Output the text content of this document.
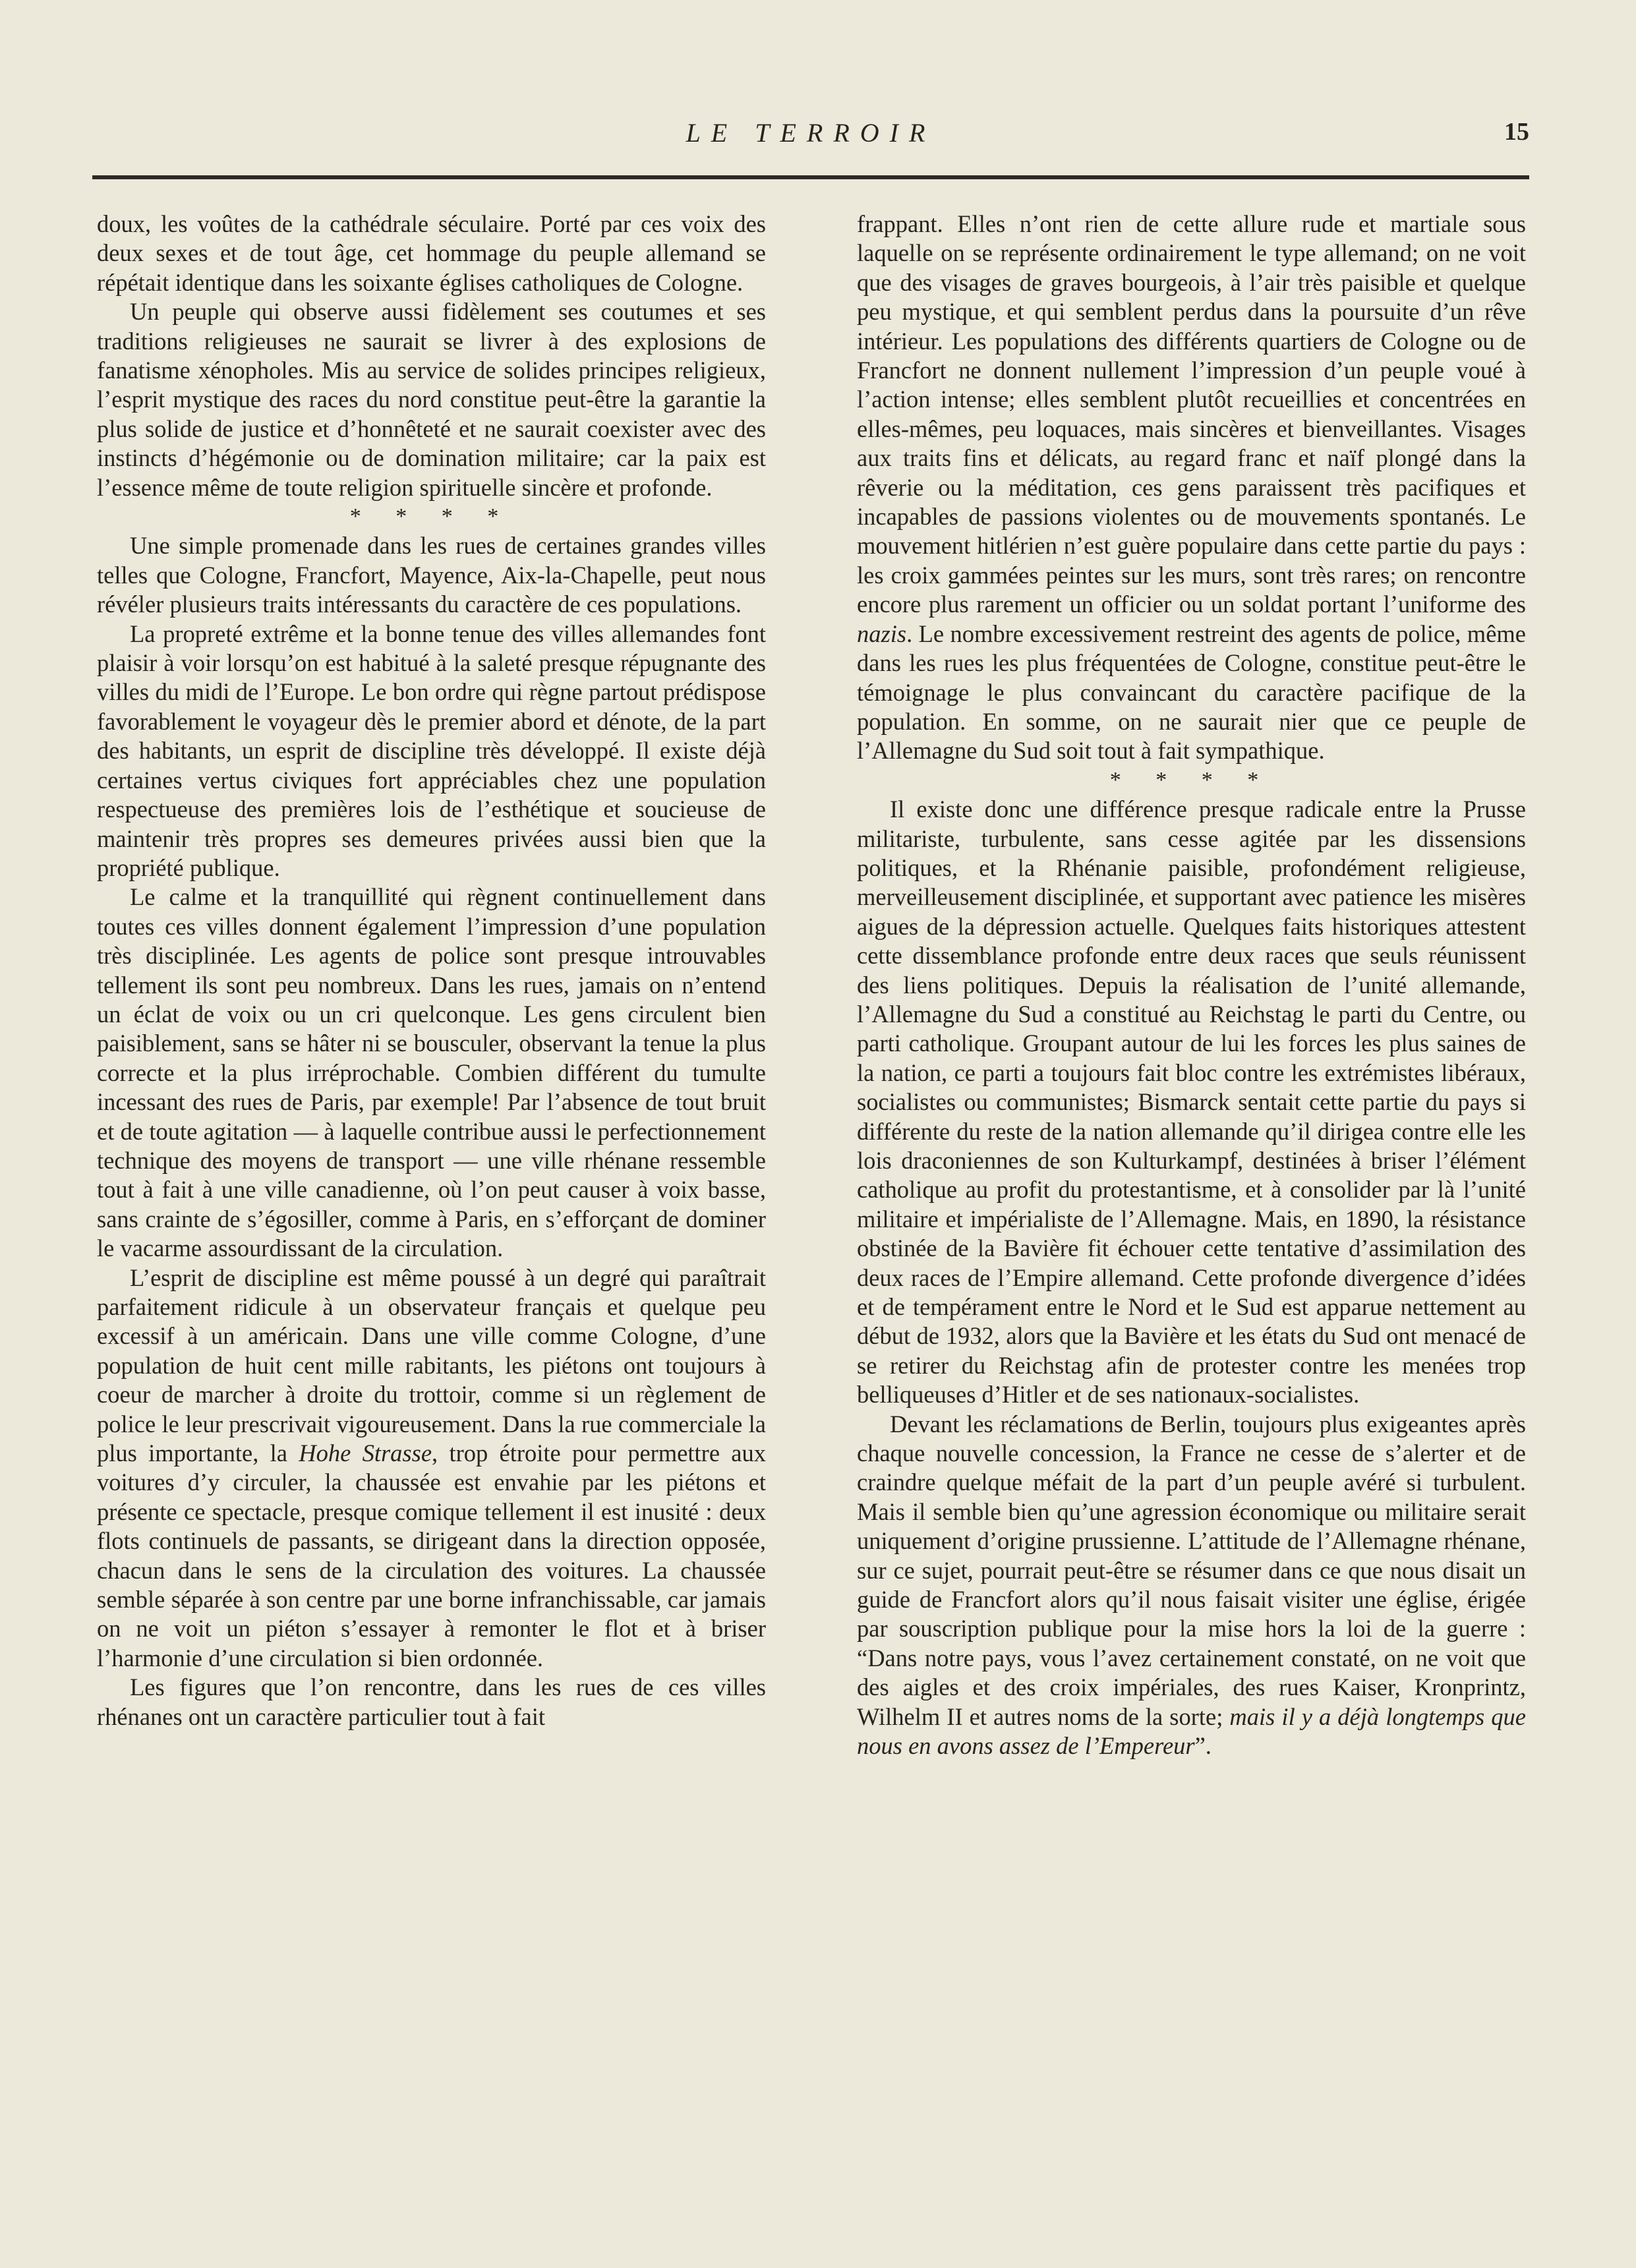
LE TERROIR	15

doux, les voûtes de la cathédrale séculaire. Porté par ces voix des deux sexes et de tout âge, cet hommage du peuple allemand se répétait identique dans les soixante églises catholiques de Cologne.

Un peuple qui observe aussi fidèlement ses coutumes et ses traditions religieuses ne saurait se livrer à des explosions de fanatisme xénopholes. Mis au service de solides principes religieux, l’esprit mystique des races du nord constitue peut-être la garantie la plus solide de justice et d’honnêteté et ne saurait coexister avec des instincts d’hégémonie ou de domination militaire; car la paix est l’essence même de toute religion spirituelle sincère et profonde.

* * * *

Une simple promenade dans les rues de certaines grandes villes telles que Cologne, Francfort, Mayence, Aix-la-Chapelle, peut nous révéler plusieurs traits intéressants du caractère de ces populations.

La propreté extrême et la bonne tenue des villes allemandes font plaisir à voir lorsqu’on est habitué à la saleté presque répugnante des villes du midi de l’Europe. Le bon ordre qui règne partout prédispose favorablement le voyageur dès le premier abord et dénote, de la part des habitants, un esprit de discipline très développé. Il existe déjà certaines vertus civiques fort appréciables chez une population respectueuse des premières lois de l’esthétique et soucieuse de maintenir très propres ses demeures privées aussi bien que la propriété publique.

Le calme et la tranquillité qui règnent continuellement dans toutes ces villes donnent également l’impression d’une population très disciplinée. Les agents de police sont presque introuvables tellement ils sont peu nombreux. Dans les rues, jamais on n’entend un éclat de voix ou un cri quelconque. Les gens circulent bien paisiblement, sans se hâter ni se bousculer, observant la tenue la plus correcte et la plus irréprochable. Combien différent du tumulte incessant des rues de Paris, par exemple! Par l’absence de tout bruit et de toute agitation — à laquelle contribue aussi le perfectionnement technique des moyens de transport — une ville rhénane ressemble tout à fait à une ville canadienne, où l’on peut causer à voix basse, sans crainte de s’égosiller, comme à Paris, en s’efforçant de dominer le vacarme assourdissant de la circulation.

L’esprit de discipline est même poussé à un degré qui paraîtrait parfaitement ridicule à un observateur français et quelque peu excessif à un américain. Dans une ville comme Cologne, d’une population de huit cent mille rabitants, les piétons ont toujours à coeur de marcher à droite du trottoir, comme si un règlement de police le leur prescrivait vigoureusement. Dans la rue commerciale la plus importante, la Hohe Strasse, trop étroite pour permettre aux voitures d’y circuler, la chaussée est envahie par les piétons et présente ce spectacle, presque comique tellement il est inusité : deux flots continuels de passants, se dirigeant dans la direction opposée, chacun dans le sens de la circulation des voitures. La chaussée semble séparée à son centre par une borne infranchissable, car jamais on ne voit un piéton s’essayer à remonter le flot et à briser l’harmonie d’une circulation si bien ordonnée.

Les figures que l’on rencontre, dans les rues de ces villes rhénanes ont un caractère particulier tout à fait

frappant. Elles n’ont rien de cette allure rude et martiale sous laquelle on se représente ordinairement le type allemand; on ne voit que des visages de graves bourgeois, à l’air très paisible et quelque peu mystique, et qui semblent perdus dans la poursuite d’un rêve intérieur. Les populations des différents quartiers de Cologne ou de Francfort ne donnent nullement l’impression d’un peuple voué à l’action intense; elles semblent plutôt recueillies et concentrées en elles-mêmes, peu loquaces, mais sincères et bienveillantes. Visages aux traits fins et délicats, au regard franc et naïf plongé dans la rêverie ou la méditation, ces gens paraissent très pacifiques et incapables de passions violentes ou de mouvements spontanés. Le mouvement hitlérien n’est guère populaire dans cette partie du pays : les croix gammées peintes sur les murs, sont très rares; on rencontre encore plus rarement un officier ou un soldat portant l’uniforme des nazis. Le nombre excessivement restreint des agents de police, même dans les rues les plus fréquentées de Cologne, constitue peut-être le témoignage le plus convaincant du caractère pacifique de la population. En somme, on ne saurait nier que ce peuple de l’Allemagne du Sud soit tout à fait sympathique.

* * * *

Il existe donc une différence presque radicale entre la Prusse militariste, turbulente, sans cesse agitée par les dissensions politiques, et la Rhénanie paisible, profondément religieuse, merveilleusement disciplinée, et supportant avec patience les misères aigues de la dépression actuelle. Quelques faits historiques attestent cette dissemblance profonde entre deux races que seuls réunissent des liens politiques. Depuis la réalisation de l’unité allemande, l’Allemagne du Sud a constitué au Reichstag le parti du Centre, ou parti catholique. Groupant autour de lui les forces les plus saines de la nation, ce parti a toujours fait bloc contre les extrémistes libéraux, socialistes ou communistes; Bismarck sentait cette partie du pays si différente du reste de la nation allemande qu’il dirigea contre elle les lois draconiennes de son Kulturkampf, destinées à briser l’élément catholique au profit du protestantisme, et à consolider par là l’unité militaire et impérialiste de l’Allemagne. Mais, en 1890, la résistance obstinée de la Bavière fit échouer cette tentative d’assimilation des deux races de l’Empire allemand. Cette profonde divergence d’idées et de tempérament entre le Nord et le Sud est apparue nettement au début de 1932, alors que la Bavière et les états du Sud ont menacé de se retirer du Reichstag afin de protester contre les menées trop belliqueuses d’Hitler et de ses nationaux-socialistes.

Devant les réclamations de Berlin, toujours plus exigeantes après chaque nouvelle concession, la France ne cesse de s’alerter et de craindre quelque méfait de la part d’un peuple avéré si turbulent. Mais il semble bien qu’une agression économique ou militaire serait uniquement d’origine prussienne. L’attitude de l’Allemagne rhénane, sur ce sujet, pourrait peut-être se résumer dans ce que nous disait un guide de Francfort alors qu’il nous faisait visiter une église, érigée par souscription publique pour la mise hors la loi de la guerre : “Dans notre pays, vous l’avez certainement constaté, on ne voit que des aigles et des croix impériales, des rues Kaiser, Kronprintz, Wilhelm II et autres noms de la sorte; mais il y a déjà longtemps que nous en avons assez de l’Empereur”.
